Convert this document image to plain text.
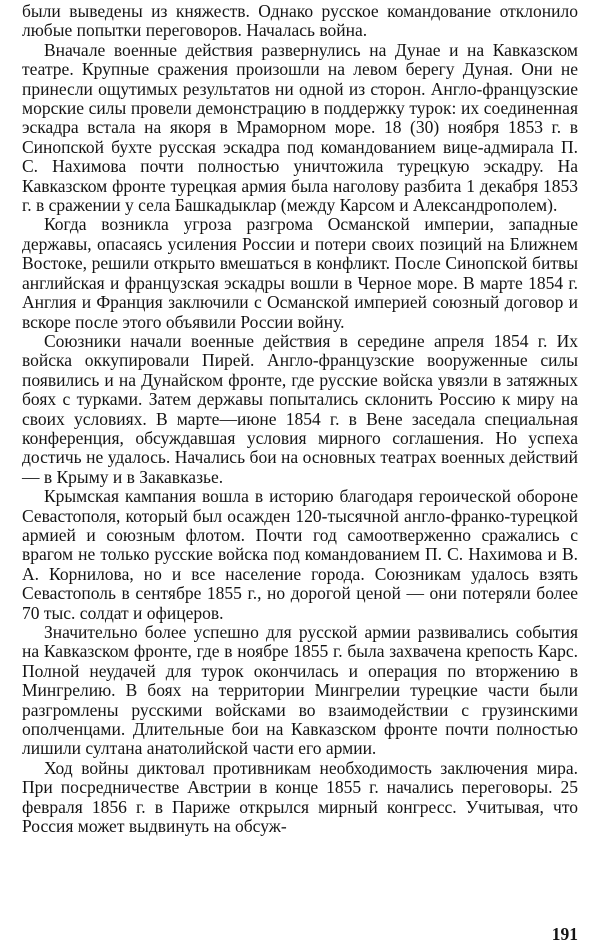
были выведены из княжеств. Однако русское командование отклонило любые попытки переговоров. Началась война.

Вначале военные действия развернулись на Дунае и на Кавказском театре. Крупные сражения произошли на левом берегу Дуная. Они не принесли ощутимых результатов ни одной из сторон. Англо-французские морские силы провели демонстрацию в поддержку турок: их соединенная эскадра встала на якоря в Мраморном море. 18 (30) ноября 1853 г. в Синопской бухте русская эскадра под командованием вице-адмирала П. С. Нахимова почти полностью уничтожила турецкую эскадру. На Кавказском фронте турецкая армия была наголову разбита 1 декабря 1853 г. в сражении у села Башкадыклар (между Карсом и Александрополем).

Когда возникла угроза разгрома Османской империи, западные державы, опасаясь усиления России и потери своих позиций на Ближнем Востоке, решили открыто вмешаться в конфликт. После Синопской битвы английская и французская эскадры вошли в Черное море. В марте 1854 г. Англия и Франция заключили с Османской империей союзный договор и вскоре после этого объявили России войну.

Союзники начали военные действия в середине апреля 1854 г. Их войска оккупировали Пирей. Англо-французские вооруженные силы появились и на Дунайском фронте, где русские войска увязли в затяжных боях с турками. Затем державы попытались склонить Россию к миру на своих условиях. В марте—июне 1854 г. в Вене заседала специальная конференция, обсуждавшая условия мирного соглашения. Но успеха достичь не удалось. Начались бои на основных театрах военных действий — в Крыму и в Закавказье.

Крымская кампания вошла в историю благодаря героической обороне Севастополя, который был осажден 120-тысячной англо-франко-турецкой армией и союзным флотом. Почти год самоотверженно сражались с врагом не только русские войска под командованием П. С. Нахимова и В. А. Корнилова, но и все население города. Союзникам удалось взять Севастополь в сентябре 1855 г., но дорогой ценой — они потеряли более 70 тыс. солдат и офицеров.

Значительно более успешно для русской армии развивались события на Кавказском фронте, где в ноябре 1855 г. была захвачена крепость Карс. Полной неудачей для турок окончилась и операция по вторжению в Мингрелию. В боях на территории Мингрелии турецкие части были разгромлены русскими войсками во взаимодействии с грузинскими ополченцами. Длительные бои на Кавказском фронте почти полностью лишили султана анатолийской части его армии.

Ход войны диктовал противникам необходимость заключения мира. При посредничестве Австрии в конце 1855 г. начались переговоры. 25 февраля 1856 г. в Париже открылся мирный конгресс. Учитывая, что Россия может выдвинуть на обсуж-

191
